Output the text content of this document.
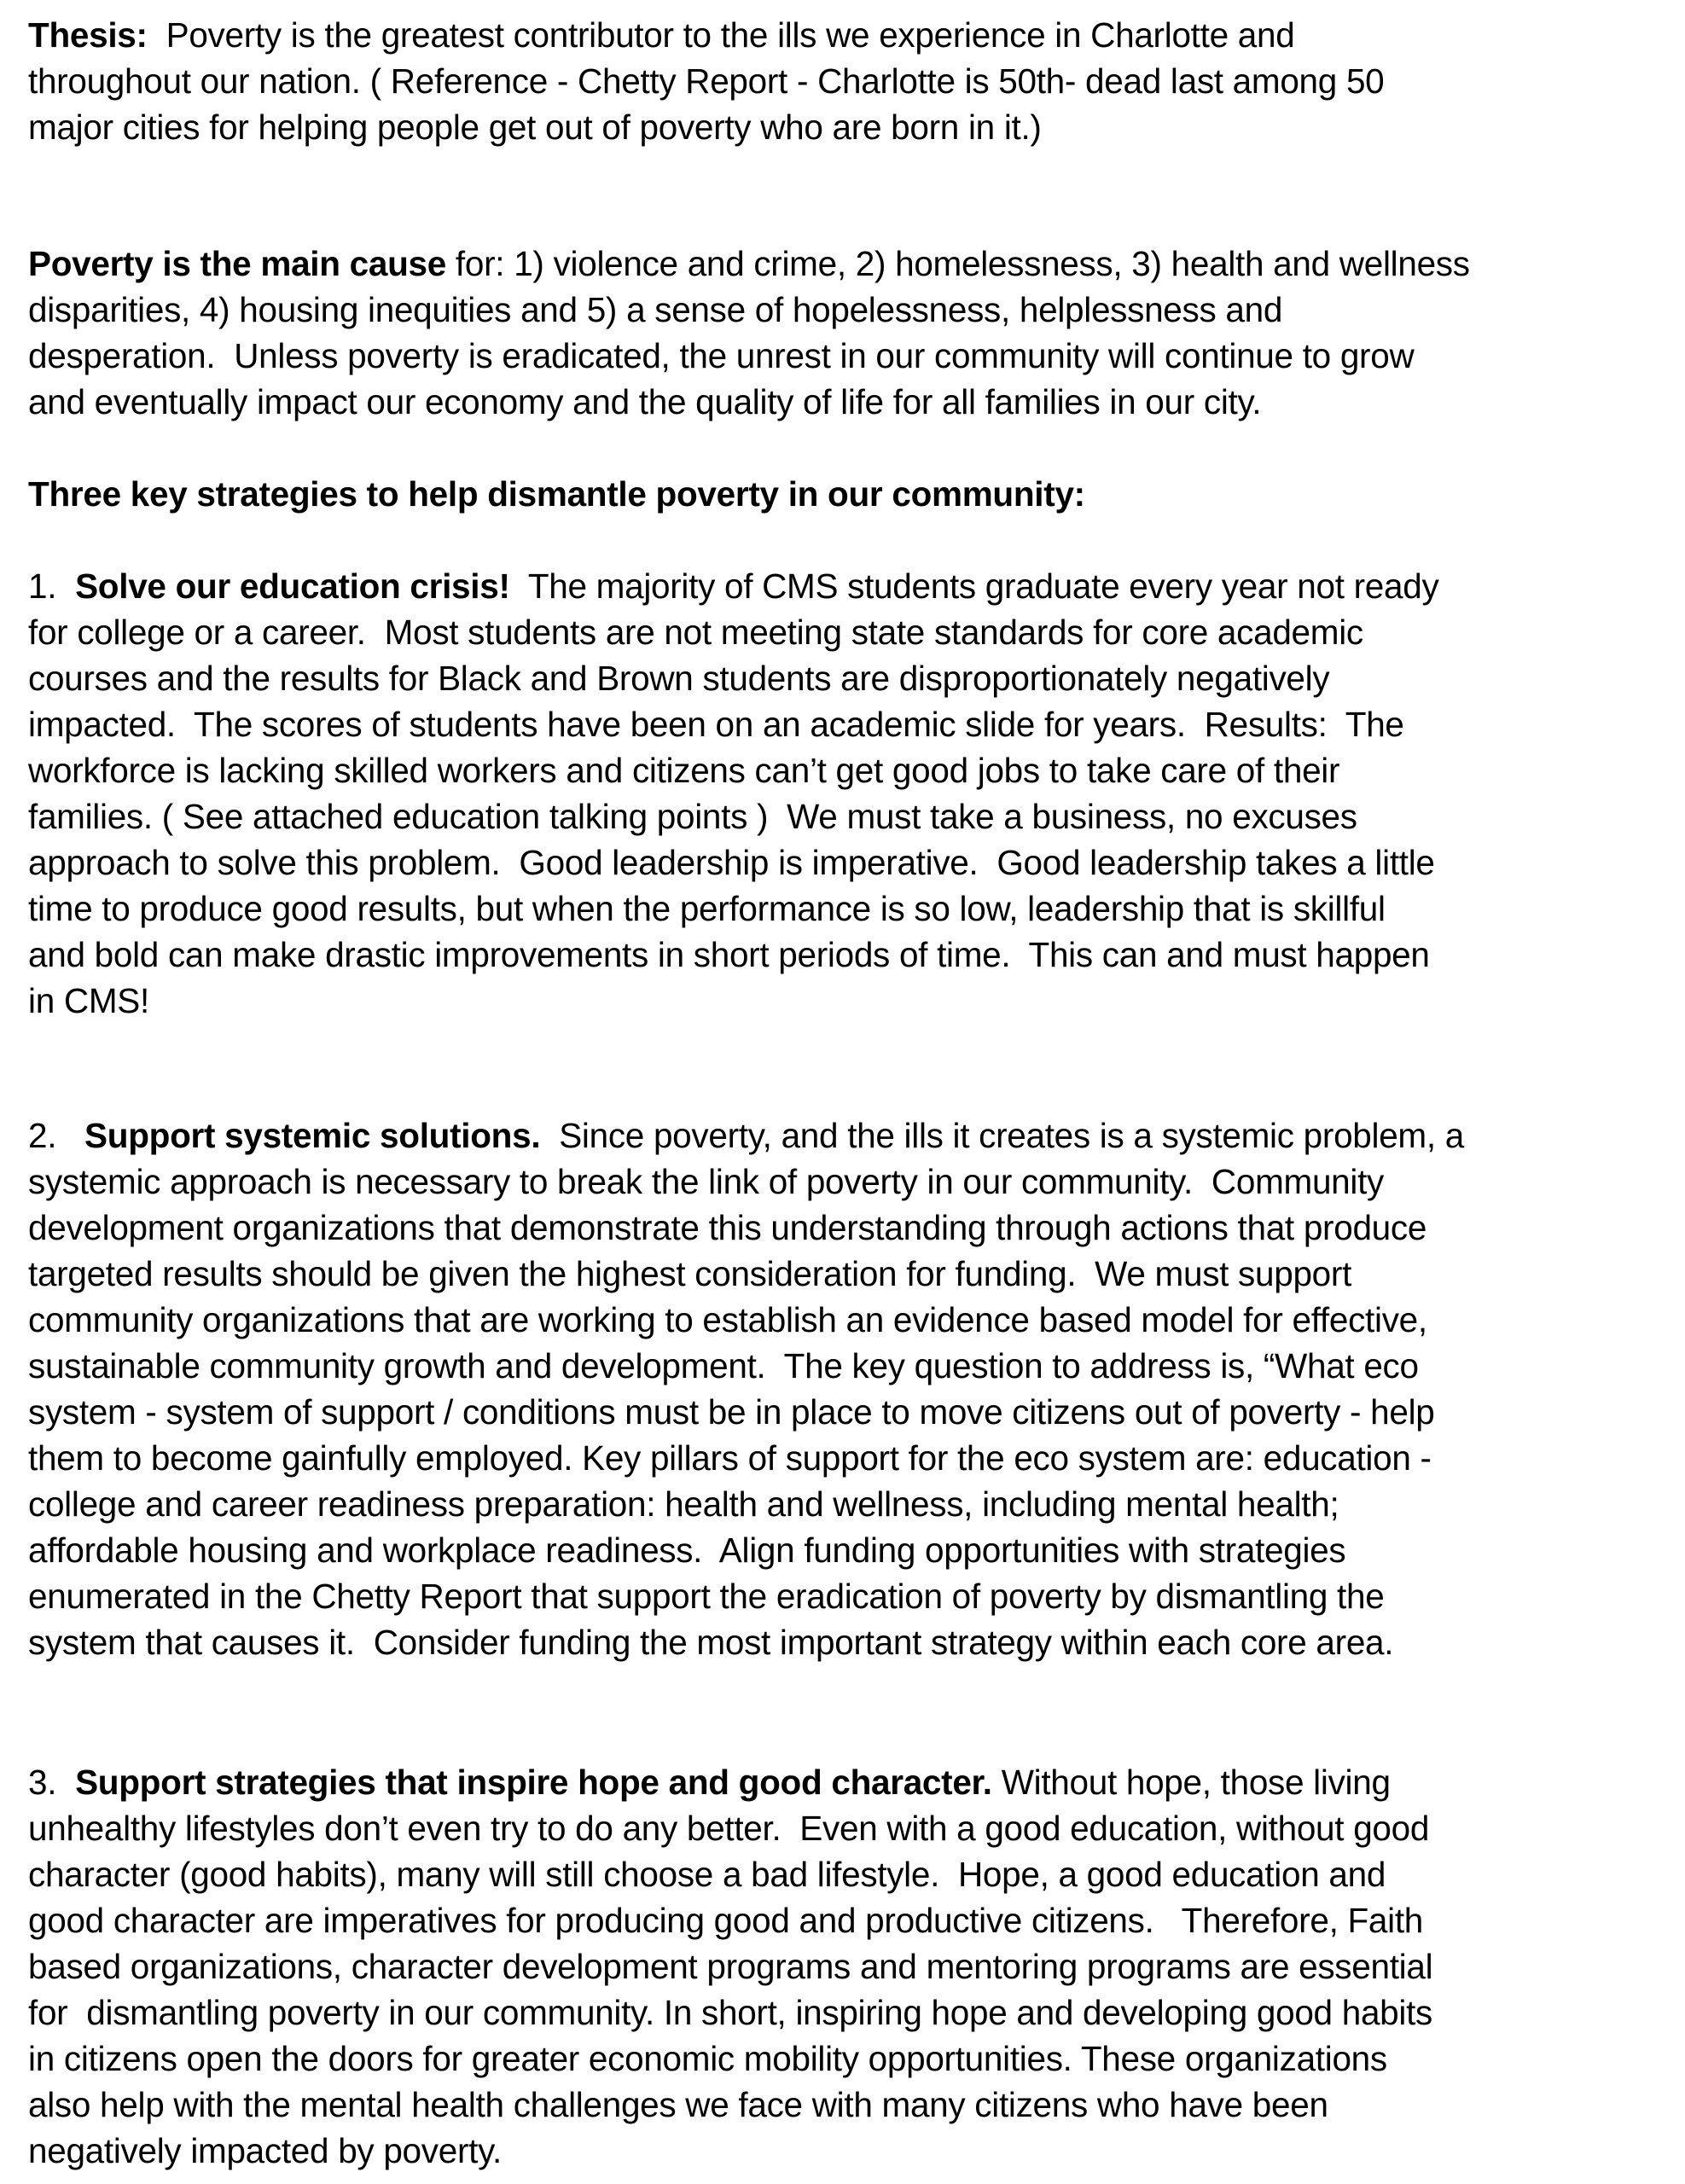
Thesis:  Poverty is the greatest contributor to the ills we experience in Charlotte and
throughout our nation. ( Reference - Chetty Report - Charlotte is 50th- dead last among 50
major cities for helping people get out of poverty who are born in it.)
Poverty is the main cause for: 1) violence and crime, 2) homelessness, 3) health and wellness
disparities, 4) housing inequities and 5) a sense of hopelessness, helplessness and
desperation.  Unless poverty is eradicated, the unrest in our community will continue to grow
and eventually impact our economy and the quality of life for all families in our city.
Three key strategies to help dismantle poverty in our community:
1.  Solve our education crisis!  The majority of CMS students graduate every year not ready
for college or a career.  Most students are not meeting state standards for core academic
courses and the results for Black and Brown students are disproportionately negatively
impacted.  The scores of students have been on an academic slide for years.  Results:  The
workforce is lacking skilled workers and citizens can’t get good jobs to take care of their
families. ( See attached education talking points )  We must take a business, no excuses
approach to solve this problem.  Good leadership is imperative.  Good leadership takes a little
time to produce good results, but when the performance is so low, leadership that is skillful
and bold can make drastic improvements in short periods of time.  This can and must happen
in CMS!
2.   Support systemic solutions.  Since poverty, and the ills it creates is a systemic problem, a
systemic approach is necessary to break the link of poverty in our community.  Community
development organizations that demonstrate this understanding through actions that produce
targeted results should be given the highest consideration for funding.  We must support
community organizations that are working to establish an evidence based model for effective,
sustainable community growth and development.  The key question to address is, “What eco
system - system of support / conditions must be in place to move citizens out of poverty - help
them to become gainfully employed. Key pillars of support for the eco system are: education -
college and career readiness preparation: health and wellness, including mental health;
affordable housing and workplace readiness.  Align funding opportunities with strategies
enumerated in the Chetty Report that support the eradication of poverty by dismantling the
system that causes it.  Consider funding the most important strategy within each core area.
3.  Support strategies that inspire hope and good character. Without hope, those living
unhealthy lifestyles don’t even try to do any better.  Even with a good education, without good
character (good habits), many will still choose a bad lifestyle.  Hope, a good education and
good character are imperatives for producing good and productive citizens.   Therefore, Faith
based organizations, character development programs and mentoring programs are essential
for  dismantling poverty in our community. In short, inspiring hope and developing good habits
in citizens open the doors for greater economic mobility opportunities. These organizations
also help with the mental health challenges we face with many citizens who have been
negatively impacted by poverty.
